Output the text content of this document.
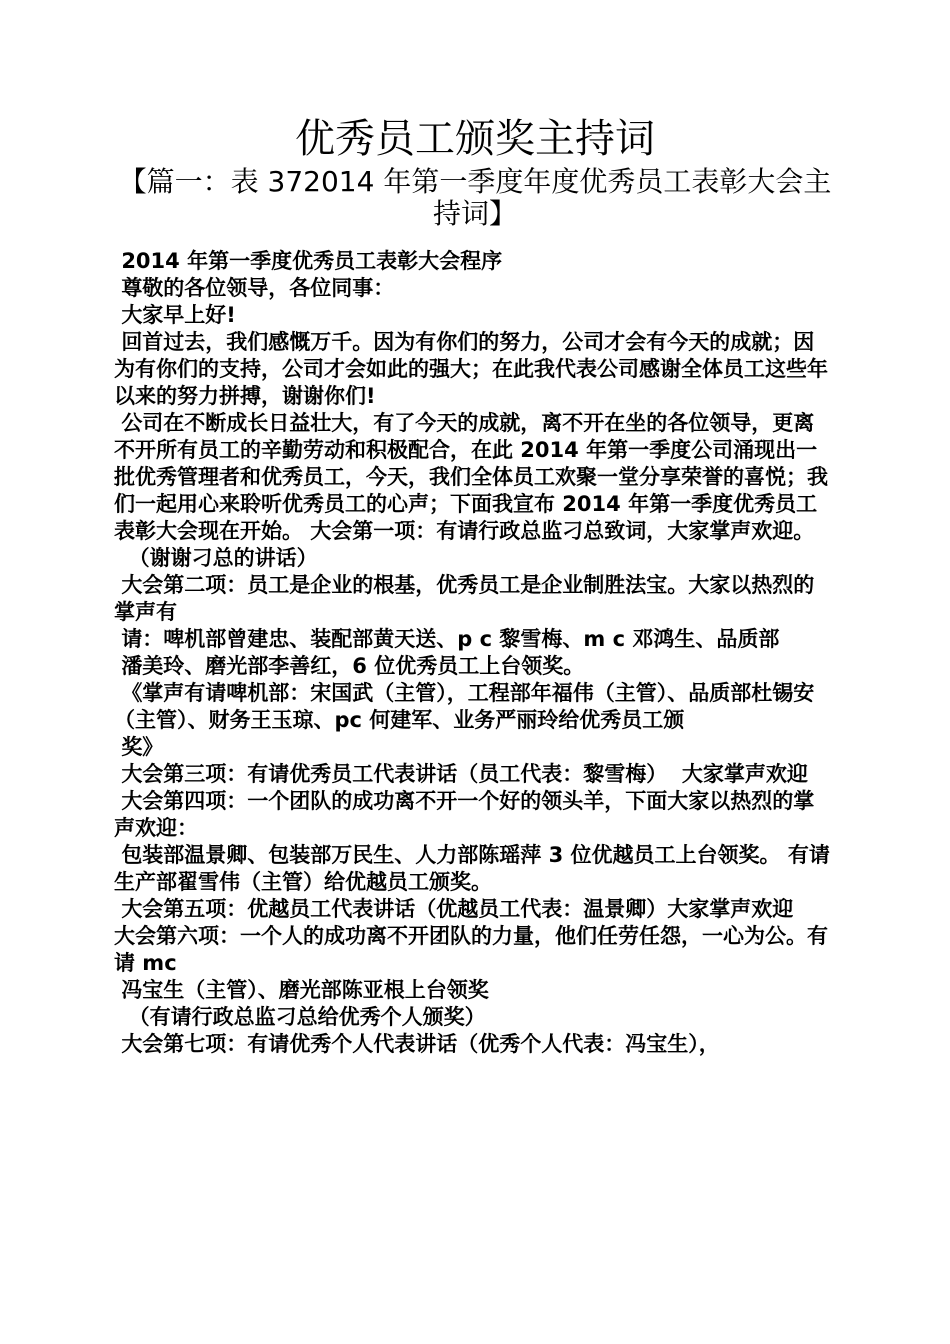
优秀员工颁奖主持词
【篇一：表 372014 年第一季度年度优秀员工表彰大会主持词】
2014 年第一季度优秀员工表彰大会程序
尊敬的各位领导，各位同事：
大家早上好!
回首过去，我们感慨万千。因为有你们的努力，公司才会有今天的成就；因为有你们的支持，公司才会如此的强大；在此我代表公司感谢全体员工这些年以来的努力拼搏，谢谢你们!
公司在不断成长日益壮大，有了今天的成就，离不开在坐的各位领导，更离不开所有员工的辛勤劳动和积极配合，在此 2014 年第一季度公司涌现出一批优秀管理者和优秀员工，今天，我们全体员工欢聚一堂分享荣誉的喜悦；我们一起用心来聆听优秀员工的心声；下面我宣布 2014 年第一季度优秀员工表彰大会现在开始。 大会第一项：有请行政总监刁总致词，大家掌声欢迎。
（谢谢刁总的讲话）
大会第二项：员工是企业的根基，优秀员工是企业制胜法宝。大家以热烈的掌声有
请：啤机部曾建忠、装配部黄天送、p c 黎雪梅、m c 邓鸿生、品质部
潘美玲、磨光部李善红，6 位优秀员工上台领奖。
《掌声有请啤机部：宋国武（主管），工程部年福伟（主管）、品质部杜锡安（主管）、财务王玉琼、pc 何建军、业务严丽玲给优秀员工颁
奖》
大会第三项：有请优秀员工代表讲话（员工代表：黎雪梅）  大家掌声欢迎
大会第四项：一个团队的成功离不开一个好的领头羊，下面大家以热烈的掌声欢迎：
包装部温景卿、包装部万民生、人力部陈瑶萍 3 位优越员工上台领奖。 有请生产部翟雪伟（主管）给优越员工颁奖。
大会第五项：优越员工代表讲话（优越员工代表：温景卿）大家掌声欢迎
大会第六项：一个人的成功离不开团队的力量，他们任劳任怨，一心为公。有请 mc
冯宝生（主管）、磨光部陈亚根上台领奖
（有请行政总监刁总给优秀个人颁奖）
大会第七项：有请优秀个人代表讲话（优秀个人代表：冯宝生），
